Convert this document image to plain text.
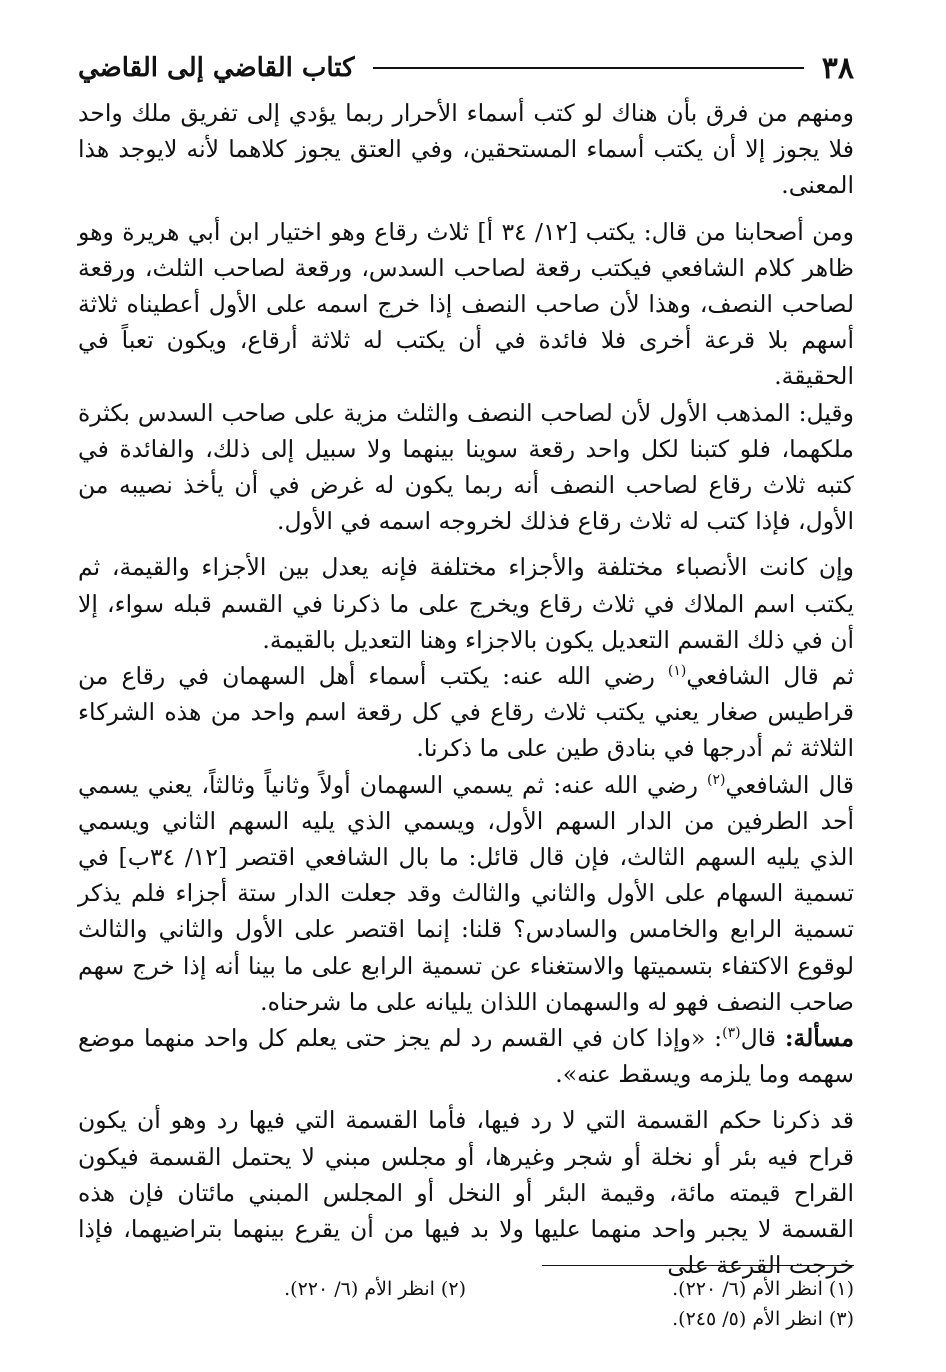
٣٨
كتاب القاضي إلى القاضي

ومنهم من فرق بأن هناك لو كتب أسماء الأحرار ربما يؤدي إلى تفريق ملك واحد فلا يجوز إلا أن يكتب أسماء المستحقين، وفي العتق يجوز كلاهما لأنه لايوجد هذا المعنى.

ومن أصحابنا من قال: يكتب [١٢/ ٣٤ أ] ثلاث رقاع وهو اختيار ابن أبي هريرة وهو ظاهر كلام الشافعي فيكتب رقعة لصاحب السدس، ورقعة لصاحب الثلث، ورقعة لصاحب النصف، وهذا لأن صاحب النصف إذا خرج اسمه على الأول أعطيناه ثلاثة أسهم بلا قرعة أخرى فلا فائدة في أن يكتب له ثلاثة أرقاع، ويكون تعباً في الحقيقة.

وقيل: المذهب الأول لأن لصاحب النصف والثلث مزية على صاحب السدس بكثرة ملكهما، فلو كتبنا لكل واحد رقعة سوينا بينهما ولا سبيل إلى ذلك، والفائدة في كتبه ثلاث رقاع لصاحب النصف أنه ربما يكون له غرض في أن يأخذ نصيبه من الأول، فإذا كتب له ثلاث رقاع فذلك لخروجه اسمه في الأول.

وإن كانت الأنصباء مختلفة والأجزاء مختلفة فإنه يعدل بين الأجزاء والقيمة، ثم يكتب اسم الملاك في ثلاث رقاع ويخرج على ما ذكرنا في القسم قبله سواء، إلا أن في ذلك القسم التعديل يكون بالاجزاء وهنا التعديل بالقيمة.

ثم قال الشافعي$^{(١)}$ رضي الله عنه: يكتب أسماء أهل السهمان في رقاع من قراطيس صغار يعني يكتب ثلاث رقاع في كل رقعة اسم واحد من هذه الشركاء الثلاثة ثم أدرجها في بنادق طين على ما ذكرنا.

قال الشافعي$^{(٢)}$ رضي الله عنه: ثم يسمي السهمان أولاً وثانياً وثالثاً، يعني يسمي أحد الطرفين من الدار السهم الأول، ويسمي الذي يليه السهم الثاني ويسمي الذي يليه السهم الثالث، فإن قال قائل: ما بال الشافعي اقتصر [١٢/ ٣٤ب] في تسمية السهام على الأول والثاني والثالث وقد جعلت الدار ستة أجزاء فلم يذكر تسمية الرابع والخامس والسادس؟ قلنا: إنما اقتصر على الأول والثاني والثالث لوقوع الاكتفاء بتسميتها والاستغناء عن تسمية الرابع على ما بينا أنه إذا خرج سهم صاحب النصف فهو له والسهمان اللذان يليانه على ما شرحناه.

مسألة: قال$^{(٣)}$: «وإذا كان في القسم رد لم يجز حتى يعلم كل واحد منهما موضع سهمه وما يلزمه ويسقط عنه».

قد ذكرنا حكم القسمة التي لا رد فيها، فأما القسمة التي فيها رد وهو أن يكون قراح فيه بئر أو نخلة أو شجر وغيرها، أو مجلس مبني لا يحتمل القسمة فيكون القراح قيمته مائة، وقيمة البئر أو النخل أو المجلس المبني مائتان فإن هذه القسمة لا يجبر واحد منهما عليها ولا بد فيها من أن يقرع بينهما بتراضيهما، فإذا خرجت القرعة على

(١) انظر الأم (٦/ ٢٢٠).
(٢) انظر الأم (٦/ ٢٢٠).
(٣) انظر الأم (٥/ ٢٤٥).
